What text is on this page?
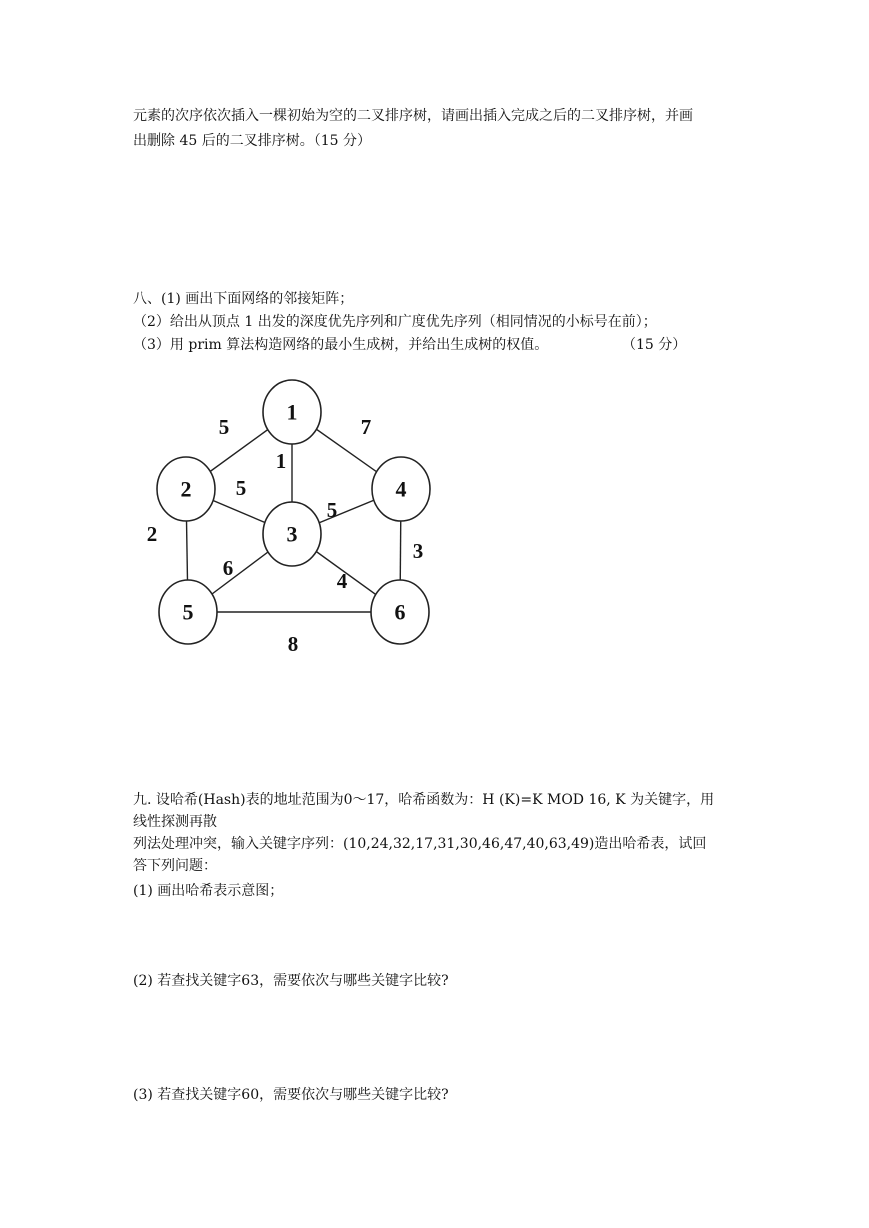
元素的次序依次插入一棵初始为空的二叉排序树，请画出插入完成之后的二叉排序树，并画
出删除 45 后的二叉排序树。（15 分）
八、(1) 画出下面网络的邻接矩阵；
（2）给出从顶点 1 出发的深度优先序列和广度优先序列（相同情况的小标号在前）；
（3）用 prim 算法构造网络的最小生成树，并给出生成树的权值。	（15 分）
5
1
7
5
2
5
6
4
3
8
1
2
3
4
5	6
九. 设哈希(Hash)表的地址范围为0～17，哈希函数为：H (K)=K MOD 16, K 为关键字，用
线性探测再散
列法处理冲突，输入关键字序列：(10,24,32,17,31,30,46,47,40,63,49)造出哈希表，试回
答下列问题：
(1) 画出哈希表示意图；
(2) 若查找关键字63，需要依次与哪些关键字比较?
(3) 若查找关键字60，需要依次与哪些关键字比较?
